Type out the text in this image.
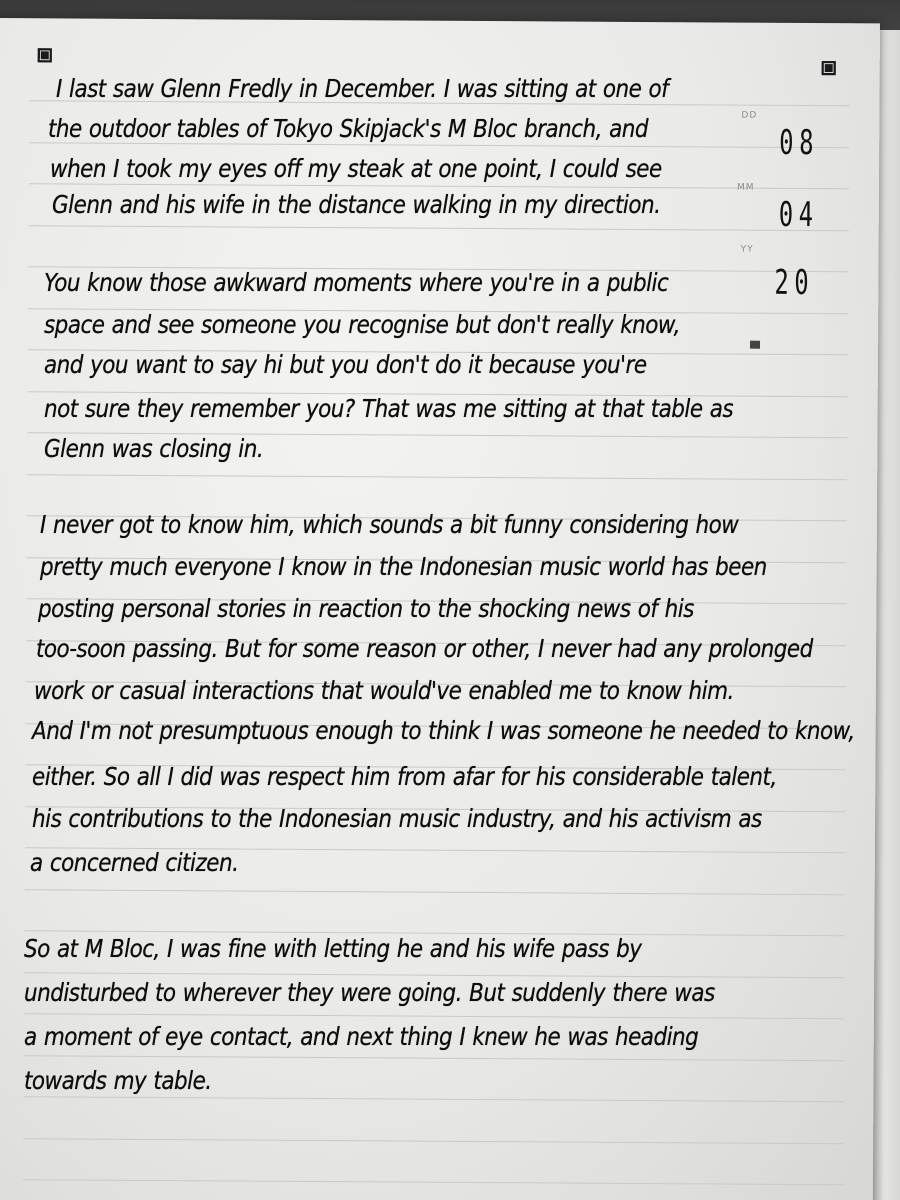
DD
08
MM
04
YY
20
I last saw Glenn Fredly in December. I was sitting at one of
the outdoor tables of Tokyo Skipjack's M Bloc branch, and
when I took my eyes off my steak at one point, I could see
Glenn and his wife in the distance walking in my direction.
You know those awkward moments where you're in a public
space and see someone you recognise but don't really know,
and you want to say hi but you don't do it because you're
not sure they remember you? That was me sitting at that table as
Glenn was closing in.
I never got to know him, which sounds a bit funny considering how
pretty much everyone I know in the Indonesian music world has been
posting personal stories in reaction to the shocking news of his
too-soon passing. But for some reason or other, I never had any prolonged
work or casual interactions that would've enabled me to know him.
And I'm not presumptuous enough to think I was someone he needed to know,
either. So all I did was respect him from afar for his considerable talent,
his contributions to the Indonesian music industry, and his activism as
a concerned citizen.
So at M Bloc, I was fine with letting he and his wife pass by
undisturbed to wherever they were going. But suddenly there was
a moment of eye contact, and next thing I knew he was heading
towards my table.
